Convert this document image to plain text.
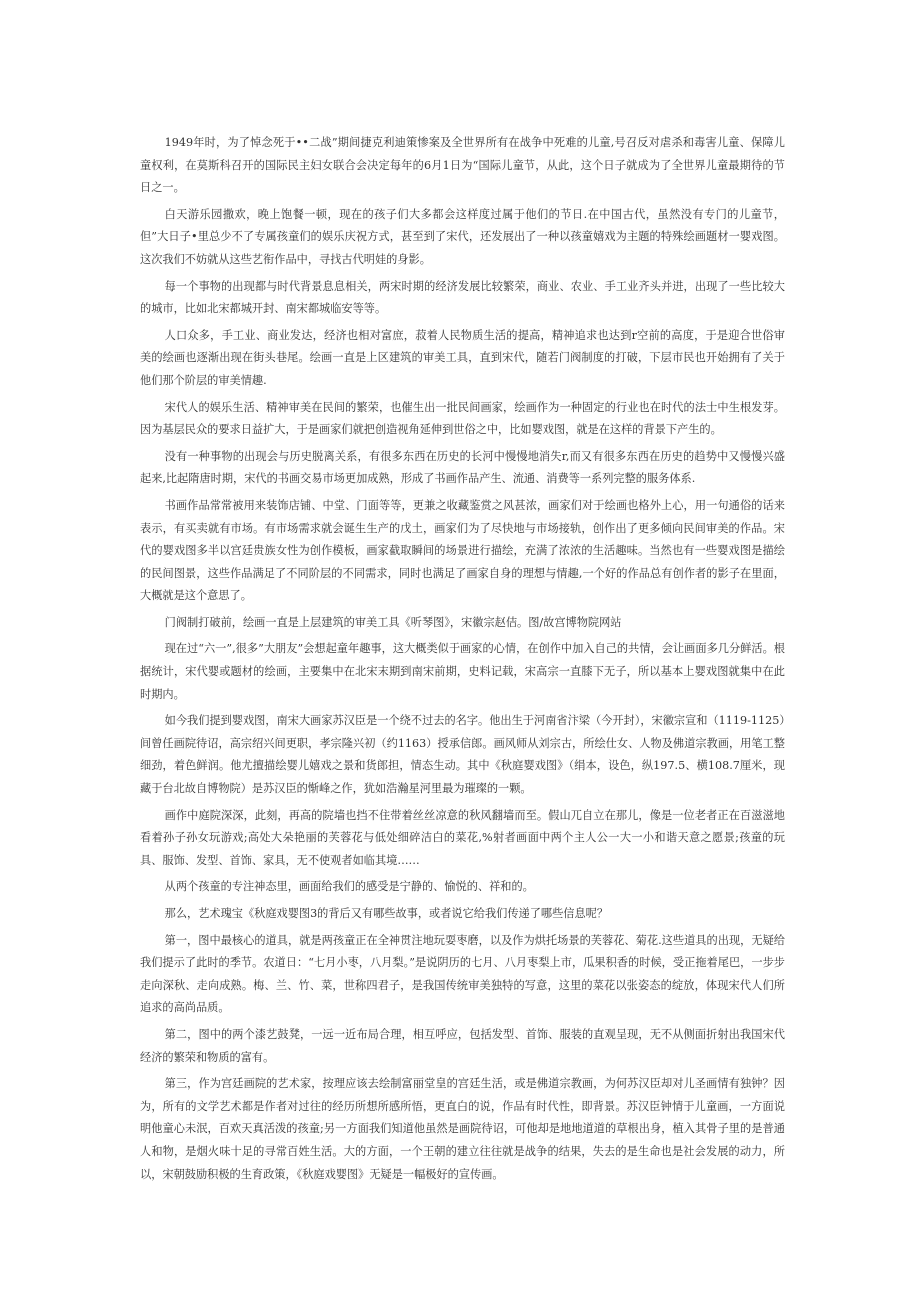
1949年时，为了悼念死于••二战”期间捷克利迪策惨案及全世界所有在战争中死难的儿童,号召反对虐杀和毒害儿童、保障儿童权利，在莫斯科召开的国际民主妇女联合会决定每年的6月1日为“国际儿童节，从此，这个日子就成为了全世界儿童最期待的节日之一。

白天游乐园撒欢，晚上饱餐一顿，现在的孩子们大多都会这样度过属于他们的节日.在中国古代，虽然没有专门的儿童节，但”大日子•里总少不了专属孩童们的娱乐庆祝方式，甚至到了宋代，还发展出了一种以孩童嬉戏为主题的特殊绘画题材一婴戏图。这次我们不妨就从这些艺衔作品中，寻找古代明娃的身影。

每一个事物的出现都与时代背景息息相关，两宋时期的经济发展比较繁荣，商业、农业、手工业齐头并进，出现了一些比较大的城市，比如北宋都城开封、南宋都城临安等等。

人口众多，手工业、商业发达，经济也相对富庶，菽着人民物质生活的提高，精神追求也达到r空前的高度，于是迎合世俗审美的绘画也逐渐出现在街头巷尾。绘画一直是上区建筑的审美工具，直到宋代，随若门阀制度的打破，下层市民也开始拥有了关于他们那个阶层的审美情趣.

宋代人的娱乐生活、精神审美在民间的繁荣，也催生出一批民间画家，绘画作为一种固定的行业也在时代的法士中生根发芽。因为基层民众的要求日益扩大，于是画家们就把创造视角延伸到世俗之中，比如婴戏图，就是在这样的背景下产生的。

没有一种事物的出现会与历史脱离关系，有很多东西在历史的长河中慢慢地消失r,而又有很多东西在历史的趋势中又慢慢兴盛起来,比起隋唐时期，宋代的书画交易市场更加成熟，形成了书画作品产生、流通、消费等一系列完整的服务体系.

书画作品常常被用来装饰店铺、中堂、门面等等，更兼之收藏鉴赏之风甚浓，画家们对于绘画也格外上心，用一句通俗的话来表示，有买卖就有市场。有市场需求就会诞生生产的戊土，画家们为了尽快地与市场接轨，创作出了更多倾向民间审美的作品。宋代的婴戏图多半以宫廷贵族女性为创作模板，画家截取瞬间的场景进行描绘，充满了浓浓的生活趣味。当然也有一些婴戏图是描绘的民间图景，这些作品满足了不同阶层的不同需求，同时也满足了画家自身的理想与情趣,一个好的作品总有创作者的影子在里面，大概就是这个意思了。

门阀制打破前，绘画一直是上层建筑的审美工具《听琴图》，宋徽宗赵佶。图/故宫博物院网站

现在过“六一”,很多”大朋友”会想起童年趣事，这大概类似于画家的心情，在创作中加入自己的共情，会让画面多几分鲜活。根据统计，宋代婴或题材的绘画，主要集中在北宋末期到南宋前期，史料记载，宋高宗一直膝下无子，所以基本上婴戏图就集中在此时期内。

如今我们提到婴戏图，南宋大画家苏汉臣是一个绕不过去的名字。他出生于河南省汴梁（今开封），宋徽宗宣和（1119-1125）间曾任画院待诏，高宗绍兴间更职，孝宗隆兴初（约1163）授承信郎。画风师从刘宗古，所绘仕女、人物及佛道宗教画，用笔工整细劲，着色鲜润。他尤擅描绘婴儿嬉戏之景和货郎担，情态生动。其中《秋庭婴戏图》（绢本，设色，纵197.5、横108.7厘米，现藏于台北故自博物院）是苏汉臣的惭峰之作，犹如浩瀚星河里最为璀璨的一颗。

画作中庭院深深，此刻，再高的院墙也挡不住带着丝丝凉意的秋风翻墙而至。假山兀自立在那儿，像是一位老者正在百滋滋地看着孙子孙女玩游戏;高处大朵艳丽的芙蓉花与低处细碎洁白的菜花,%射者画面中两个主人公一大一小和谐天意之愿景;孩童的玩具、服饰、发型、首饰、家具，无不使观者如临其境……

从两个孩童的专注神态里，画面给我们的感受是宁静的、愉悦的、祥和的。

那么，艺术瑰宝《秋庭戏婴图3的背后又有哪些故事，或者说它给我们传递了哪些信息呢？

第一，图中最核心的道具，就是两孩童正在全神贯注地玩耍枣磨，以及作为烘托场景的芙蓉花、菊花.这些道具的出现，无疑给我们提示了此时的季节。农道日：“七月小枣，八月梨。”是说阴历的七月、八月枣梨上市，瓜果积香的时候，受正拖着尾巴，一步步走向深秋、走向成熟。梅、兰、竹、菜，世称四君子，是我国传统审美独特的写意，这里的菜花以张姿态的绽放，体现宋代人们所追求的高尚品质。

第二，图中的两个漆艺鼓凳，一远一近布局合理，相互呼应，包括发型、首饰、服装的直观呈现，无不从侧面折射出我国宋代经济的繁荣和物质的富有。

第三，作为宫廷画院的艺术家，按理应该去绘制富丽堂皇的宫廷生活，或是佛道宗教画，为何苏汉臣却对儿圣画情有独钟？因为，所有的文学艺术都是作者对过往的经历所想所感所悟，更直白的说，作品有时代性，即背景。苏汉臣钟情于儿童画，一方面说明他童心未泯，百欢天真活泼的孩童;另一方面我们知道他虽然是画院待诏，可他却是地地道道的草根出身，植入其骨子里的是普通人和物，是烟火味十足的寻常百姓生活。大的方面，一个王朝的建立往往就是战争的结果，失去的是生命也是社会发展的动力，所以，宋朝鼓励积极的生育政策，《秋庭戏婴图》无疑是一幅极好的宣传画。
